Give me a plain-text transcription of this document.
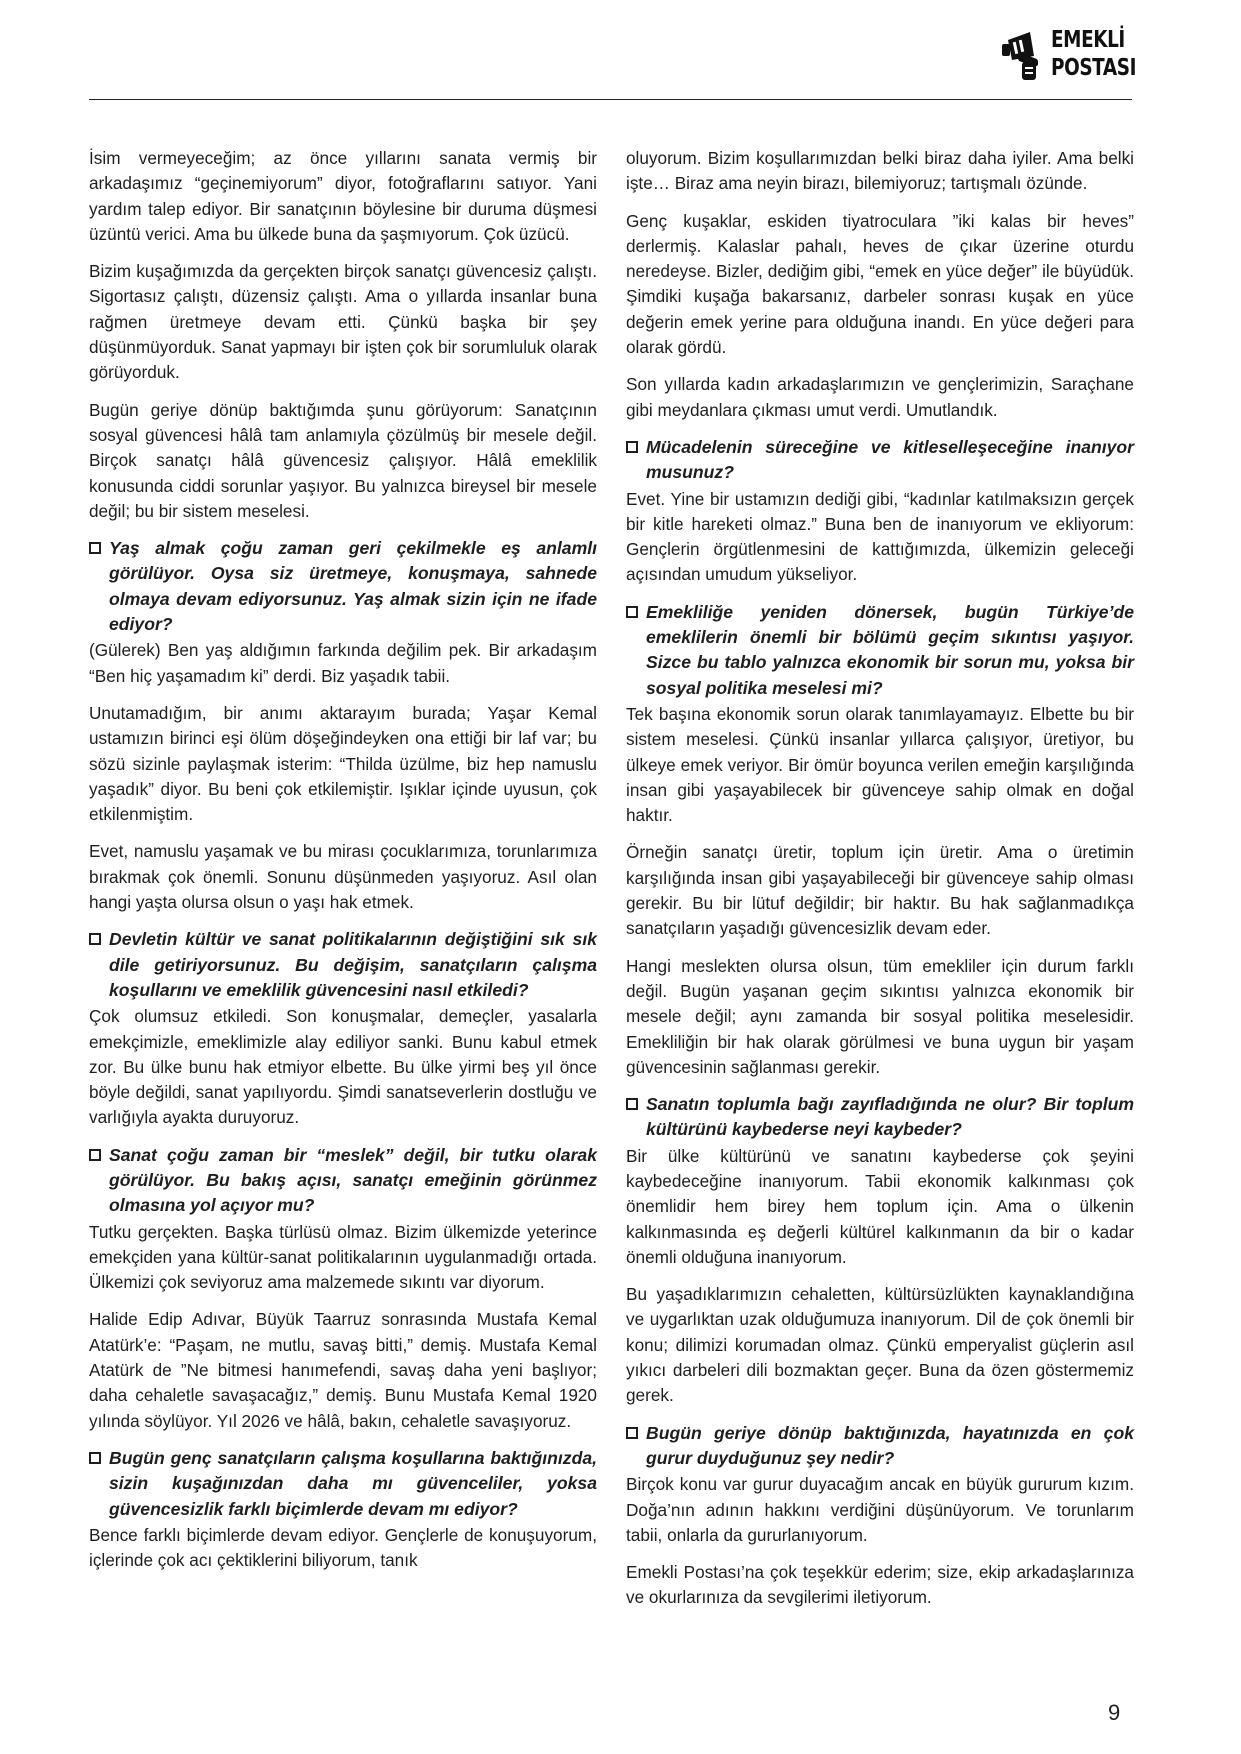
EMEKLİ
POSTASI

İsim vermeyeceğim; az önce yıllarını sanata vermiş bir arkadaşımız “geçinemiyorum” diyor, fotoğraflarını satıyor. Yani yardım talep ediyor. Bir sanatçının böylesine bir duruma düşmesi üzüntü verici. Ama bu ülkede buna da şaşmıyorum. Çok üzücü.

Bizim kuşağımızda da gerçekten birçok sanatçı güvencesiz çalıştı. Sigortasız çalıştı, düzensiz çalıştı. Ama o yıllarda insanlar buna rağmen üretmeye devam etti. Çünkü başka bir şey düşünmüyorduk. Sanat yapmayı bir işten çok bir sorumluluk olarak görüyorduk.

Bugün geriye dönüp baktığımda şunu görüyorum: Sanatçının sosyal güvencesi hâlâ tam anlamıyla çözülmüş bir mesele değil. Birçok sanatçı hâlâ güvencesiz çalışıyor. Hâlâ emeklilik konusunda ciddi sorunlar yaşıyor. Bu yalnızca bireysel bir mesele değil; bu bir sistem meselesi.

Yaş almak çoğu zaman geri çekilmekle eş anlamlı görülüyor. Oysa siz üretmeye, konuşmaya, sahnede olmaya devam ediyorsunuz. Yaş almak sizin için ne ifade ediyor?

(Gülerek) Ben yaş aldığımın farkında değilim pek. Bir arkadaşım “Ben hiç yaşamadım ki” derdi. Biz yaşadık tabii.

Unutamadığım, bir anımı aktarayım burada; Yaşar Kemal ustamızın birinci eşi ölüm döşeğindeyken ona ettiği bir laf var; bu sözü sizinle paylaşmak isterim: “Thilda üzülme, biz hep namuslu yaşadık” diyor. Bu beni çok etkilemiştir. Işıklar içinde uyusun, çok etkilenmiştim.

Evet, namuslu yaşamak ve bu mirası çocuklarımıza, torunlarımıza bırakmak çok önemli. Sonunu düşünmeden yaşıyoruz. Asıl olan hangi yaşta olursa olsun o yaşı hak etmek.

Devletin kültür ve sanat politikalarının değiştiğini sık sık dile getiriyorsunuz. Bu değişim, sanatçıların çalışma koşullarını ve emeklilik güvencesini nasıl etkiledi?

Çok olumsuz etkiledi. Son konuşmalar, demeçler, yasalarla emekçimizle, emeklimizle alay ediliyor sanki. Bunu kabul etmek zor. Bu ülke bunu hak etmiyor elbette. Bu ülke yirmi beş yıl önce böyle değildi, sanat yapılıyordu. Şimdi sanatseverlerin dostluğu ve varlığıyla ayakta duruyoruz.

Sanat çoğu zaman bir “meslek” değil, bir tutku olarak görülüyor. Bu bakış açısı, sanatçı emeğinin görünmez olmasına yol açıyor mu?

Tutku gerçekten. Başka türlüsü olmaz. Bizim ülkemizde yeterince emekçiden yana kültür-sanat politikalarının uygulanmadığı ortada. Ülkemizi çok seviyoruz ama malzemede sıkıntı var diyorum.

Halide Edip Adıvar, Büyük Taarruz sonrasında Mustafa Kemal Atatürk’e: “Paşam, ne mutlu, savaş bitti,” demiş. Mustafa Kemal Atatürk de ”Ne bitmesi hanımefendi, savaş daha yeni başlıyor; daha cehaletle savaşacağız,” demiş. Bunu Mustafa Kemal 1920 yılında söylüyor. Yıl 2026 ve hâlâ, bakın, cehaletle savaşıyoruz.

Bugün genç sanatçıların çalışma koşullarına baktığınızda, sizin kuşağınızdan daha mı güvenceliler, yoksa güvencesizlik farklı biçimlerde devam mı ediyor?

Bence farklı biçimlerde devam ediyor. Gençlerle de konuşuyorum, içlerinde çok acı çektiklerini biliyorum, tanık

oluyorum. Bizim koşullarımızdan belki biraz daha iyiler. Ama belki işte… Biraz ama neyin birazı, bilemiyoruz; tartışmalı özünde.

Genç kuşaklar, eskiden tiyatroculara ”iki kalas bir heves” derlermiş. Kalaslar pahalı, heves de çıkar üzerine oturdu neredeyse. Bizler, dediğim gibi, “emek en yüce değer” ile büyüdük. Şimdiki kuşağa bakarsanız, darbeler sonrası kuşak en yüce değerin emek yerine para olduğuna inandı. En yüce değeri para olarak gördü.

Son yıllarda kadın arkadaşlarımızın ve gençlerimizin, Saraçhane gibi meydanlara çıkması umut verdi. Umutlandık.

Mücadelenin süreceğine ve kitleselleşeceğine inanıyor musunuz?

Evet. Yine bir ustamızın dediği gibi, “kadınlar katılmaksızın gerçek bir kitle hareketi olmaz.” Buna ben de inanıyorum ve ekliyorum: Gençlerin örgütlenmesini de kattığımızda, ülkemizin geleceği açısından umudum yükseliyor.

Emekliliğe yeniden dönersek, bugün Türkiye’de emeklilerin önemli bir bölümü geçim sıkıntısı yaşıyor. Sizce bu tablo yalnızca ekonomik bir sorun mu, yoksa bir sosyal politika meselesi mi?

Tek başına ekonomik sorun olarak tanımlayamayız. Elbette bu bir sistem meselesi. Çünkü insanlar yıllarca çalışıyor, üretiyor, bu ülkeye emek veriyor. Bir ömür boyunca verilen emeğin karşılığında insan gibi yaşayabilecek bir güvenceye sahip olmak en doğal haktır.

Örneğin sanatçı üretir, toplum için üretir. Ama o üretimin karşılığında insan gibi yaşayabileceği bir güvenceye sahip olması gerekir. Bu bir lütuf değildir; bir haktır. Bu hak sağlanmadıkça sanatçıların yaşadığı güvencesizlik devam eder.

Hangi meslekten olursa olsun, tüm emekliler için durum farklı değil. Bugün yaşanan geçim sıkıntısı yalnızca ekonomik bir mesele değil; aynı zamanda bir sosyal politika meselesidir. Emekliliğin bir hak olarak görülmesi ve buna uygun bir yaşam güvencesinin sağlanması gerekir.

Sanatın toplumla bağı zayıfladığında ne olur? Bir toplum kültürünü kaybederse neyi kaybeder?

Bir ülke kültürünü ve sanatını kaybederse çok şeyini kaybedeceğine inanıyorum. Tabii ekonomik kalkınması çok önemlidir hem birey hem toplum için. Ama o ülkenin kalkınmasında eş değerli kültürel kalkınmanın da bir o kadar önemli olduğuna inanıyorum.

Bu yaşadıklarımızın cehaletten, kültürsüzlükten kaynaklandığına ve uygarlıktan uzak olduğumuza inanıyorum. Dil de çok önemli bir konu; dilimizi korumadan olmaz. Çünkü emperyalist güçlerin asıl yıkıcı darbeleri dili bozmaktan geçer. Buna da özen göstermemiz gerek.

Bugün geriye dönüp baktığınızda, hayatınızda en çok gurur duyduğunuz şey nedir?

Birçok konu var gurur duyacağım ancak en büyük gururum kızım. Doğa’nın adının hakkını verdiğini düşünüyorum. Ve torunlarım tabii, onlarla da gururlanıyorum.

Emekli Postası’na çok teşekkür ederim; size, ekip arkadaşlarınıza ve okurlarınıza da sevgilerimi iletiyorum.

9
